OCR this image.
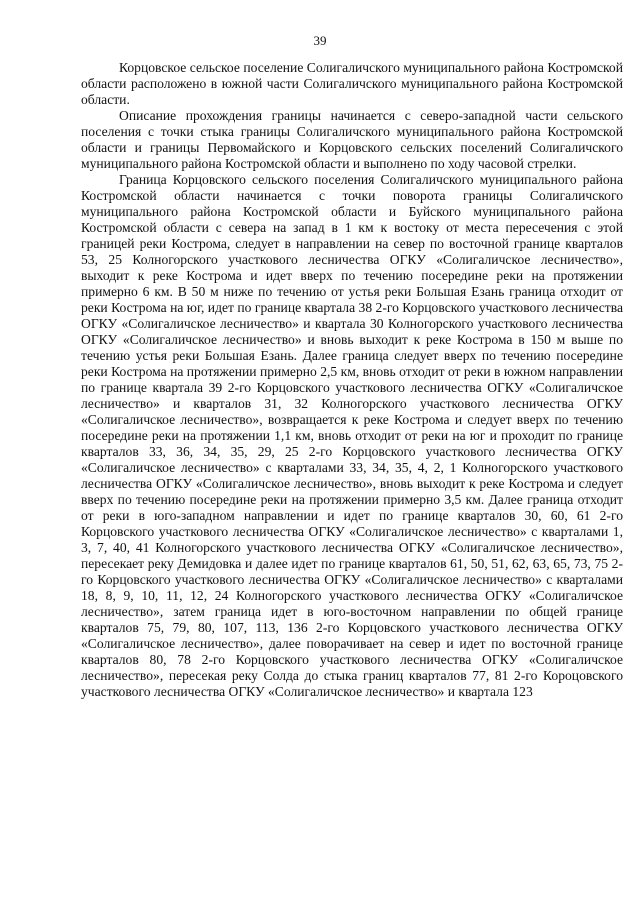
39

Корцовское сельское поселение Солигаличского муниципального района Костромской области расположено в южной части Солигаличского муниципального района Костромской области.

Описание прохождения границы начинается с северо-западной части сельского поселения с точки стыка границы Солигаличского муниципального района Костромской области и границы Первомайского и Корцовского сельских поселений Солигаличского муниципального района Костромской области и выполнено по ходу часовой стрелки.

Граница Корцовского сельского поселения Солигаличского муниципального района Костромской области начинается с точки поворота границы Солигаличского муниципального района Костромской области и Буйского муниципального района Костромской области с севера на запад в 1 км к востоку от места пересечения с этой границей реки Кострома, следует в направлении на север по восточной границе кварталов 53, 25 Колногорского участкового лесничества ОГКУ «Солигаличское лесничество», выходит к реке Кострома и идет вверх по течению посередине реки на протяжении примерно 6 км. В 50 м ниже по течению от устья реки Большая Езань граница отходит от реки Кострома на юг, идет по границе квартала 38 2-го Корцовского участкового лесничества ОГКУ «Солигаличское лесничество» и квартала 30 Колногорского участкового лесничества ОГКУ «Солигаличское лесничество» и вновь выходит к реке Кострома в 150 м выше по течению устья реки Большая Езань. Далее граница следует вверх по течению посередине реки Кострома на протяжении примерно 2,5 км, вновь отходит от реки в южном направлении по границе квартала 39 2-го Корцовского участкового лесничества ОГКУ «Солигаличское лесничество» и кварталов 31, 32 Колногорского участкового лесничества ОГКУ «Солигаличское лесничество», возвращается к реке Кострома и следует вверх по течению посередине реки на протяжении 1,1 км, вновь отходит от реки на юг и проходит по границе кварталов 33, 36, 34, 35, 29, 25 2-го Корцовского участкового лесничества ОГКУ «Солигаличское лесничество» с кварталами 33, 34, 35, 4, 2, 1 Колногорского участкового лесничества ОГКУ «Солигаличское лесничество», вновь выходит к реке Кострома и следует вверх по течению посередине реки на протяжении примерно 3,5 км. Далее граница отходит от реки в юго-западном направлении и идет по границе кварталов 30, 60, 61 2-го Корцовского участкового лесничества ОГКУ «Солигаличское лесничество» с кварталами 1, 3, 7, 40, 41 Колногорского участкового лесничества ОГКУ «Солигаличское лесничество», пересекает реку Демидовка и далее идет по границе кварталов 61, 50, 51, 62, 63, 65, 73, 75 2-го Корцовского участкового лесничества ОГКУ «Солигаличское лесничество» с кварталами 18, 8, 9, 10, 11, 12, 24 Колногорского участкового лесничества ОГКУ «Солигаличское лесничество», затем граница идет в юго-восточном направлении по общей границе кварталов 75, 79, 80, 107, 113, 136 2-го Корцовского участкового лесничества ОГКУ «Солигаличское лесничество», далее поворачивает на север и идет по восточной границе кварталов 80, 78 2-го Корцовского участкового лесничества ОГКУ «Солигаличское лесничество», пересекая реку Солда до стыка границ кварталов 77, 81 2-го Короцовского участкового лесничества ОГКУ «Солигаличское лесничество» и квартала 123
